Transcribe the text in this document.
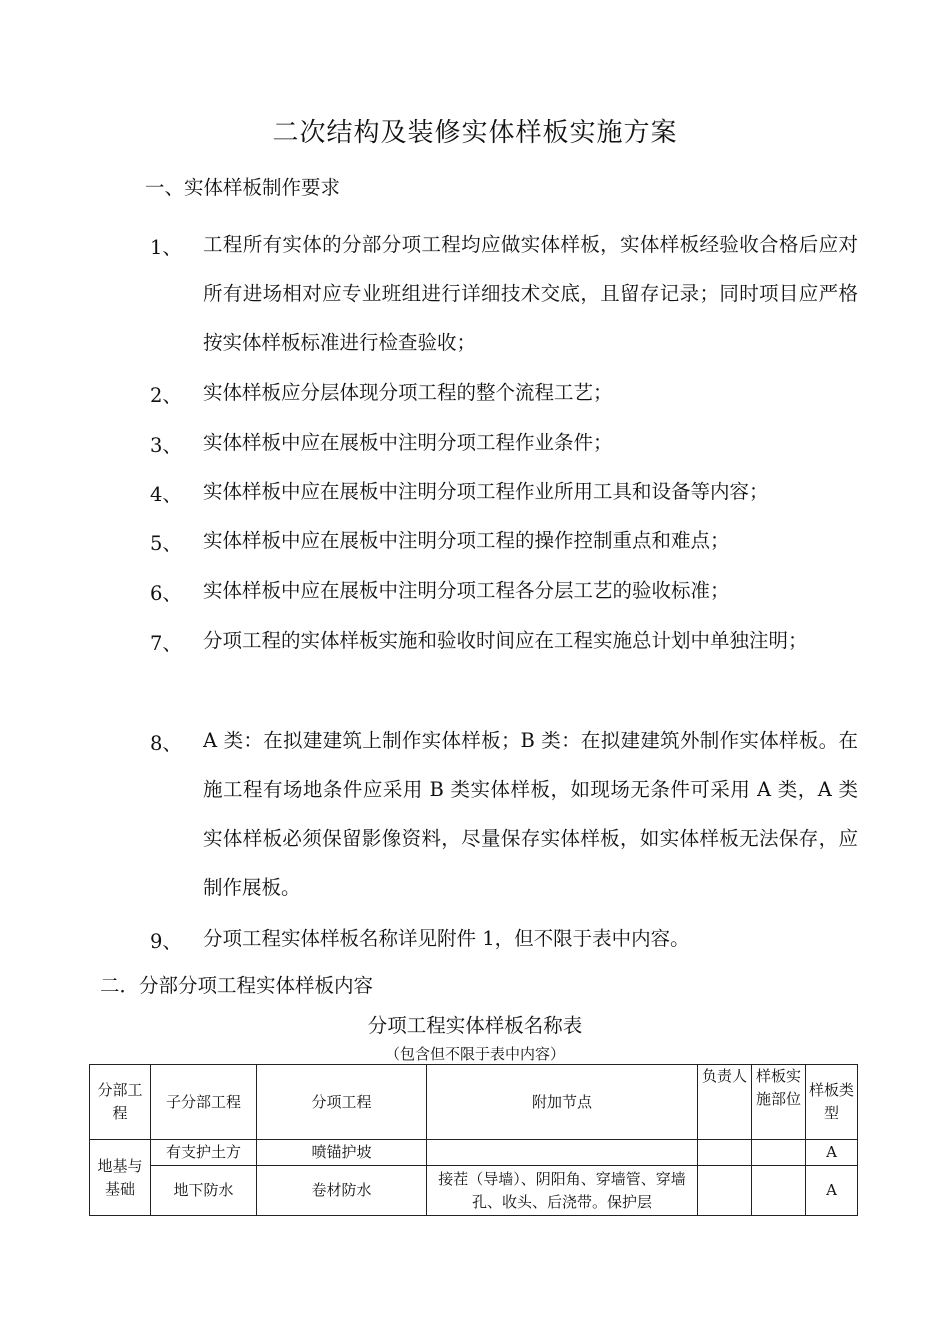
二次结构及装修实体样板实施方案
一、实体样板制作要求
1、	工程所有实体的分部分项工程均应做实体样板，实体样板经验收合格后应对所有进场相对应专业班组进行详细技术交底，且留存记录；同时项目应严格按实体样板标准进行检查验收；
2、	实体样板应分层体现分项工程的整个流程工艺；
3、	实体样板中应在展板中注明分项工程作业条件；
4、	实体样板中应在展板中注明分项工程作业所用工具和设备等内容；
5、	实体样板中应在展板中注明分项工程的操作控制重点和难点；
6、	实体样板中应在展板中注明分项工程各分层工艺的验收标准；
7、	分项工程的实体样板实施和验收时间应在工程实施总计划中单独注明；
8、	A 类：在拟建建筑上制作实体样板；B 类：在拟建建筑外制作实体样板。在施工程有场地条件应采用 B 类实体样板，如现场无条件可采用 A 类，A 类实体样板必须保留影像资料，尽量保存实体样板，如实体样板无法保存，应制作展板。
9、	分项工程实体样板名称详见附件 1，但不限于表中内容。
二．分部分项工程实体样板内容
分项工程实体样板名称表
（包含但不限于表中内容）
分部工程	子分部工程	分项工程	附加节点	负责人	样板实施部位	样板类型
地基与基础	有支护土方	喷锚护坡				A
	地下防水	卷材防水	接茬（导墙）、阴阳角、穿墙管、穿墙孔、收头、后浇带。保护层			A
